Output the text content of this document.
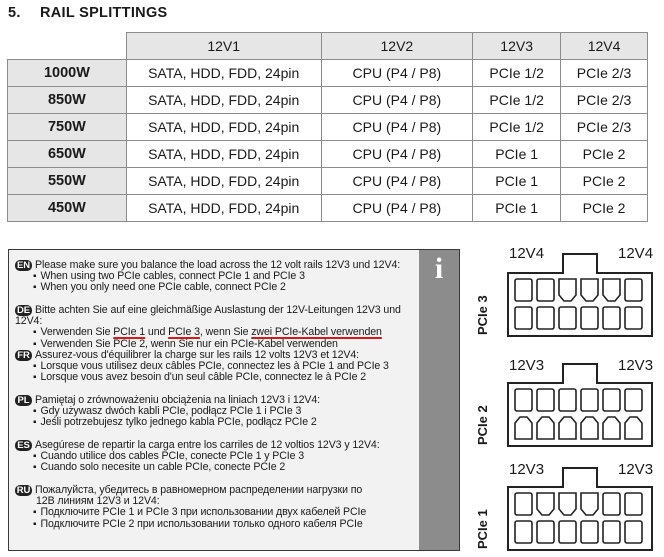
5. RAIL SPLITTINGS
	12V1	12V2	12V3	12V4
1000W	SATA, HDD, FDD, 24pin	CPU (P4 / P8)	PCIe 1/2	PCIe 2/3
850W	SATA, HDD, FDD, 24pin	CPU (P4 / P8)	PCIe 1/2	PCIe 2/3
750W	SATA, HDD, FDD, 24pin	CPU (P4 / P8)	PCIe 1/2	PCIe 2/3
650W	SATA, HDD, FDD, 24pin	CPU (P4 / P8)	PCIe 1	PCIe 2
550W	SATA, HDD, FDD, 24pin	CPU (P4 / P8)	PCIe 1	PCIe 2
450W	SATA, HDD, FDD, 24pin	CPU (P4 / P8)	PCIe 1	PCIe 2
i
EN Please make sure you balance the load across the 12 volt rails 12V3 und 12V4:
▪ When using two PCIe cables, connect PCIe 1 and PCIe 3
▪ When you only need one PCIe cable, connect PCIe 2
DE Bitte achten Sie auf eine gleichmäßige Auslastung der 12V-Leitungen 12V3 und 12V4:
▪ Verwenden Sie PCIe 1 und PCIe 3, wenn Sie zwei PCIe-Kabel verwenden
▪ Verwenden Sie PCIe 2, wenn Sie nur ein PCIe-Kabel verwenden
FR Assurez-vous d'équilibrer la charge sur les rails 12 volts 12V3 et 12V4:
▪ Lorsque vous utilisez deux câbles PCIe, connectez les à PCIe 1 and PCIe 3
▪ Lorsque vous avez besoin d'un seul câble PCIe, connectez le à PCIe 2
PL Pamiętaj o zrównoważeniu obciążenia na liniach 12V3 i 12V4:
▪ Gdy używasz dwóch kabli PCIe, podłącz PCIe 1 i PCIe 3
▪ Jeśli potrzebujesz tylko jednego kabla PCIe, podłącz PCIe 2
ES Asegúrese de repartir la carga entre los carriles de 12 voltios 12V3 y 12V4:
▪ Cuando utilice dos cables PCIe, conecte PCIe 1 y PCIe 3
▪ Cuando solo necesite un cable PCIe, conecte PCIe 2
RU Пожалуйста, убедитесь в равномерном распределении нагрузки по
12В линиям 12V3 и 12V4:
▪ Подключите PCIe 1 и PCIe 3 при использовании двух кабелей PCIe
▪ Подключите PCIe 2 при использовании только одного кабеля PCIe
PCIe 3
12V4	12V4
PCIe 2
12V3	12V3
PCIe 1
12V3	12V3
